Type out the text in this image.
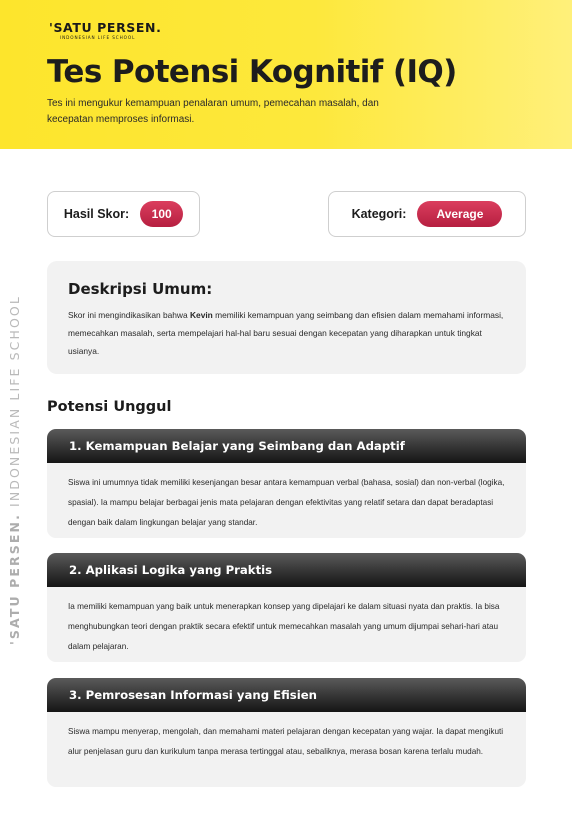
'SATU PERSEN.
INDONESIAN LIFE SCHOOL
Tes Potensi Kognitif (IQ)
Tes ini mengukur kemampuan penalaran umum, pemecahan masalah, dan kecepatan memproses informasi.
'SATU PERSEN. INDONESIAN LIFE SCHOOL
Hasil Skor:	100	Kategori:	Average
Deskripsi Umum:
Skor ini mengindikasikan bahwa Kevin memiliki kemampuan yang seimbang dan efisien dalam memahami informasi, memecahkan masalah, serta mempelajari hal-hal baru sesuai dengan kecepatan yang diharapkan untuk tingkat usianya.
Potensi Unggul
1. Kemampuan Belajar yang Seimbang dan Adaptif
Siswa ini umumnya tidak memiliki kesenjangan besar antara kemampuan verbal (bahasa, sosial) dan non-verbal (logika, spasial). Ia mampu belajar berbagai jenis mata pelajaran dengan efektivitas yang relatif setara dan dapat beradaptasi dengan baik dalam lingkungan belajar yang standar.
2. Aplikasi Logika yang Praktis
Ia memiliki kemampuan yang baik untuk menerapkan konsep yang dipelajari ke dalam situasi nyata dan praktis. Ia bisa menghubungkan teori dengan praktik secara efektif untuk memecahkan masalah yang umum dijumpai sehari-hari atau dalam pelajaran.
3. Pemrosesan Informasi yang Efisien
Siswa mampu menyerap, mengolah, dan memahami materi pelajaran dengan kecepatan yang wajar. Ia dapat mengikuti alur penjelasan guru dan kurikulum tanpa merasa tertinggal atau, sebaliknya, merasa bosan karena terlalu mudah.
